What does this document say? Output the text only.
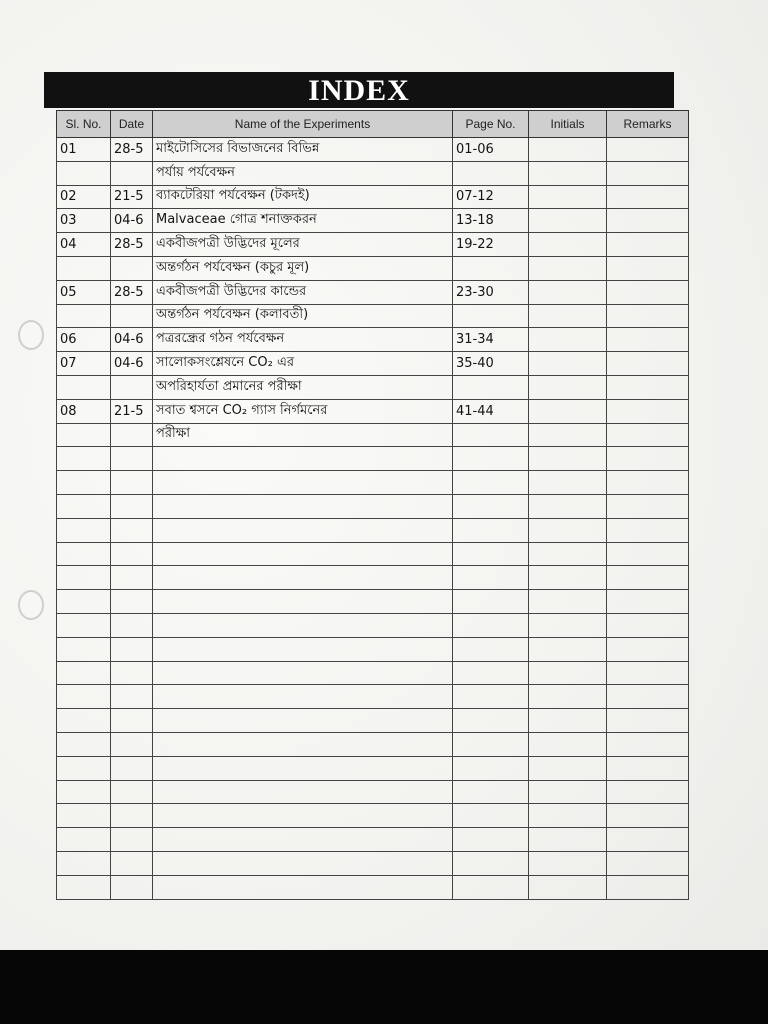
INDEX
Sl. No.	Date	Name of the Experiments	Page No.	Initials	Remarks
01	28-5	মাইটোসিসের বিভাজনের বিভিন্ন	01-06		
		পর্যায় পর্যবেক্ষন			
02	21-5	ব্যাকটেরিয়া পর্যবেক্ষন (টকদই)	07-12		
03	04-6	Malvaceae গোত্র শনাক্তকরন	13-18		
04	28-5	একবীজপত্রী উদ্ভিদের মূলের	19-22		
		অন্তর্গঠন পর্যবেক্ষন (কচুর মূল)			
05	28-5	একবীজপত্রী উদ্ভিদের কান্ডের	23-30		
		অন্তর্গঠন পর্যবেক্ষন (কলাবতী)			
06	04-6	পত্ররন্ধ্রের গঠন পর্যবেক্ষন	31-34		
07	04-6	সালোকসংশ্লেষনে CO₂ এর	35-40		
		অপরিহার্যতা প্রমানের পরীক্ষা			
08	21-5	সবাত শ্বসনে CO₂ গ্যাস নির্গমনের	41-44		
		পরীক্ষা			
